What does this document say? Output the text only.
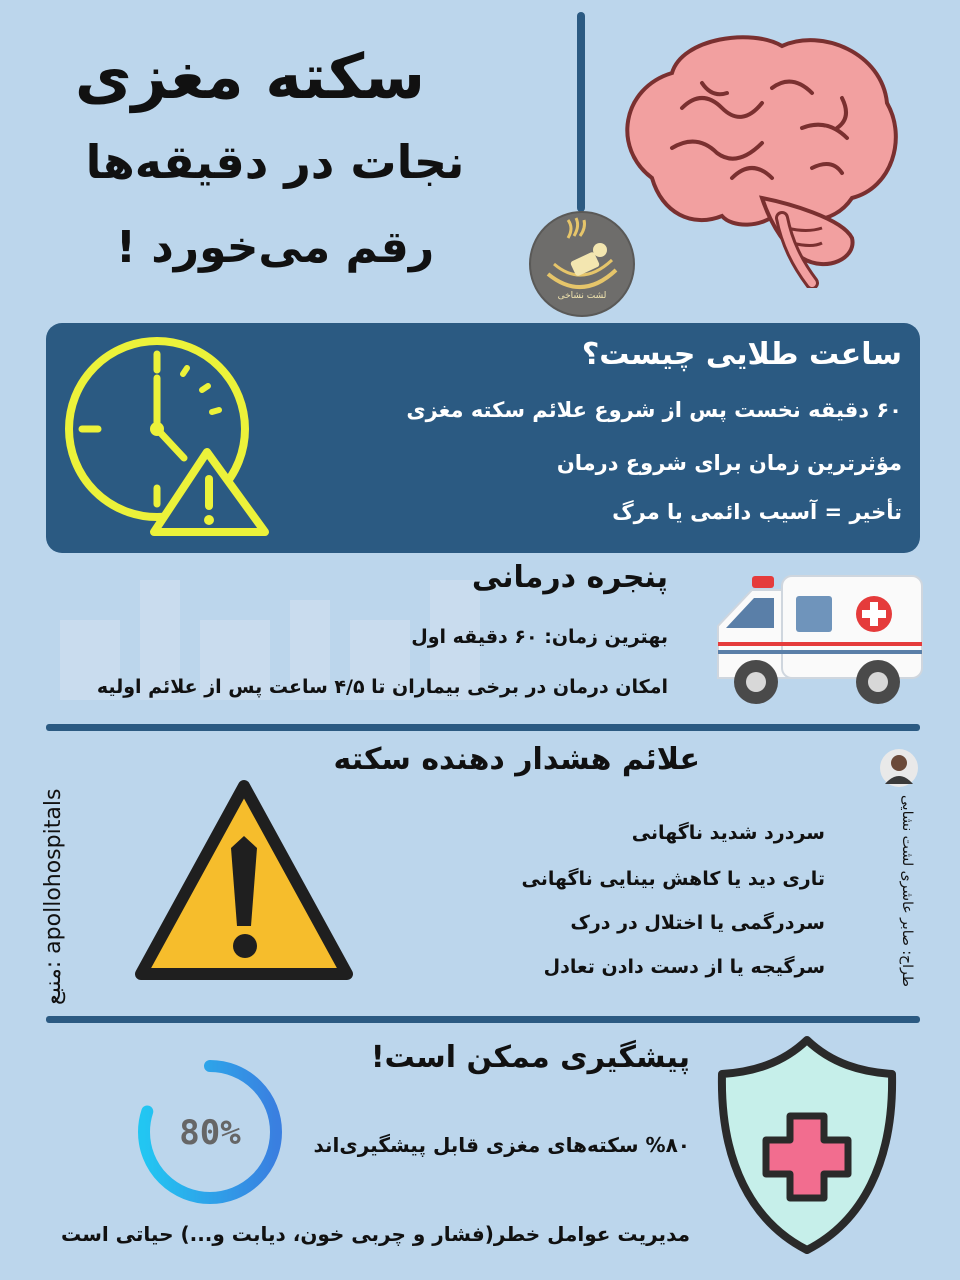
سکته مغزی
نجات در دقیقه‌ها
رقم می‌خورد !
لشت نشاخی
ساعت طلایی چیست؟
۶۰ دقیقه نخست پس از شروع علائم سکته مغزی
مؤثرترین زمان برای شروع درمان
تأخیر = آسیب دائمی یا مرگ
پنجره درمانی
بهترین زمان: ۶۰ دقیقه اول
امکان درمان در برخی بیماران تا ۴/۵ ساعت پس از علائم اولیه
علائم هشدار دهنده سکته
سردرد شدید ناگهانی
تاری دید یا کاهش بینایی ناگهانی
سردرگمی یا اختلال در درک
سرگیجه یا از دست دادن تعادل
منبع: apollohospitals	طراح: صابر عاشری لشت نشایی
پیشگیری ممکن است!
٨٠% سکته‌های مغزی قابل پیشگیری‌اند
مدیریت عوامل خطر(فشار و چربی خون، دیابت و...) حیاتی است
80%
